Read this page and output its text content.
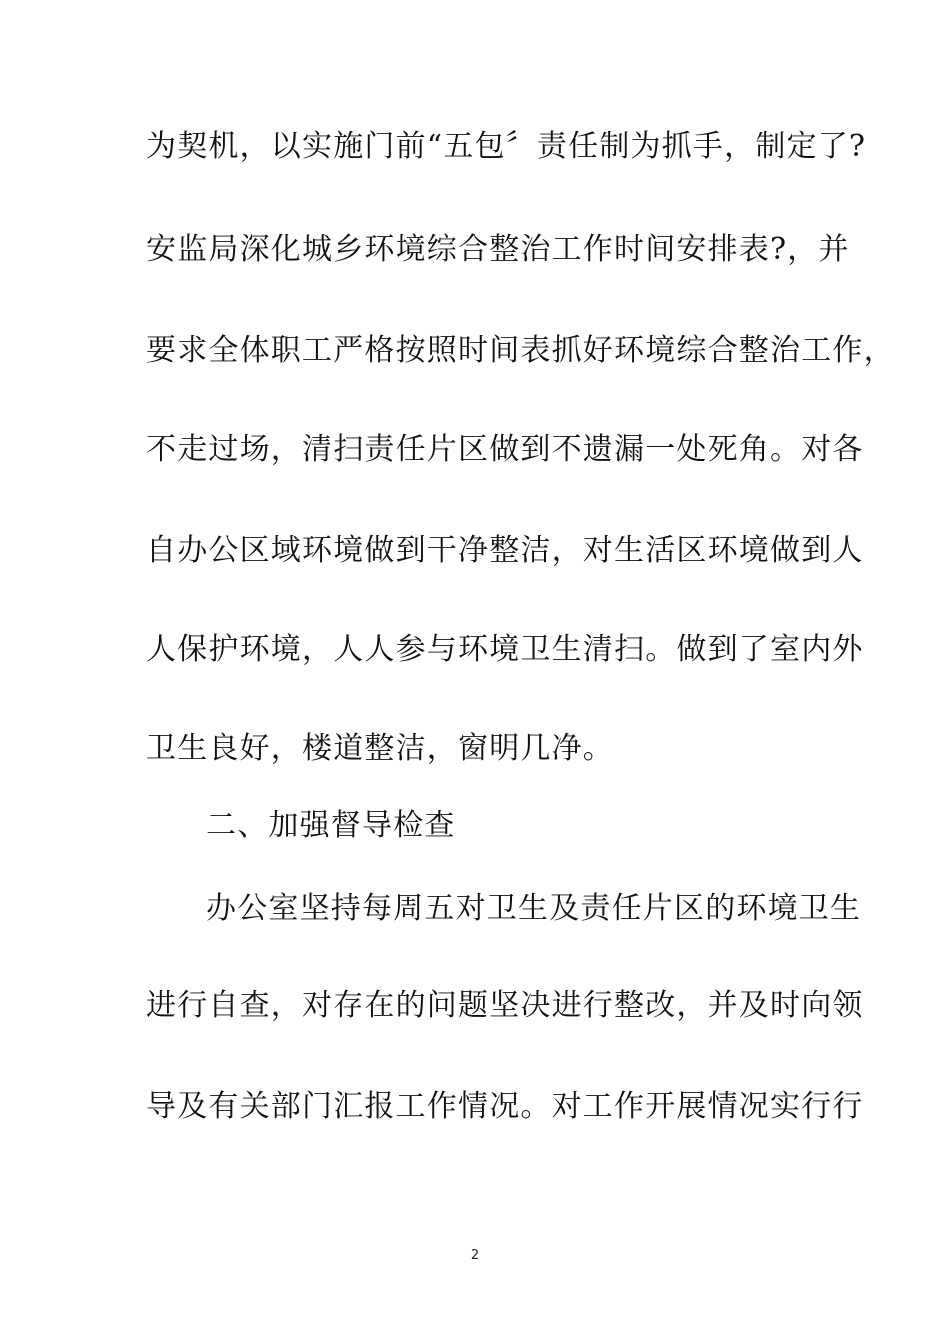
为契机，以实施门前“五包〞责任制为抓手，制定了?
安监局深化城乡环境综合整治工作时间安排表?，并
要求全体职工严格按照时间表抓好环境综合整治工作，
不走过场，清扫责任片区做到不遗漏一处死角。对各
自办公区域环境做到干净整洁，对生活区环境做到人
人保护环境，人人参与环境卫生清扫。做到了室内外
卫生良好，楼道整洁，窗明几净。
二、加强督导检查
办公室坚持每周五对卫生及责任片区的环境卫生
进行自查，对存在的问题坚决进行整改，并及时向领
导及有关部门汇报工作情况。对工作开展情况实行行
2
